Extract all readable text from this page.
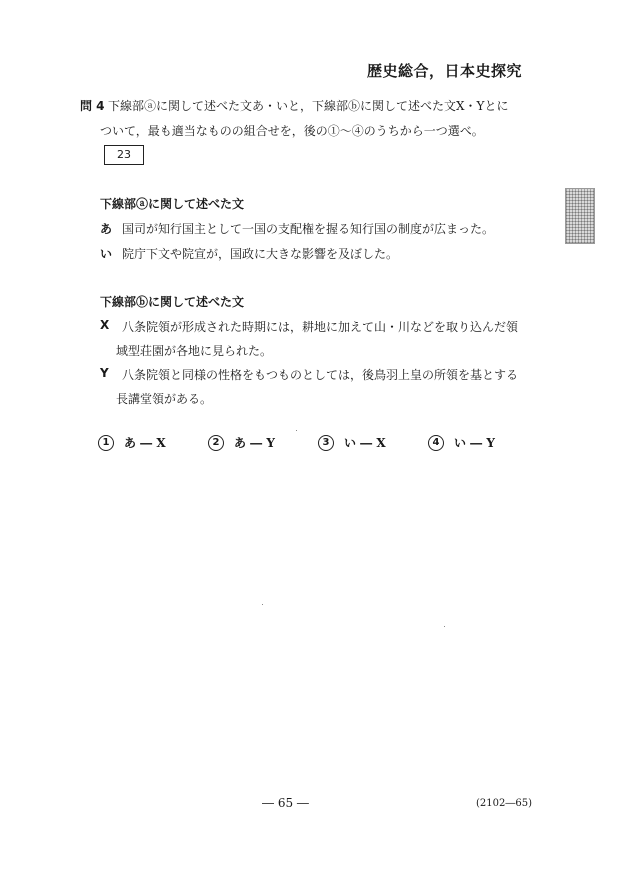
歴史総合，日本史探究
問 4 下線部ⓐに関して述べた文あ・いと，下線部ⓑに関して述べた文X・Yとに
ついて，最も適当なものの組合せを，後の①〜④のうちから一つ選べ。
23
下線部ⓐに関して述べた文
あ 国司が知行国主として一国の支配権を握る知行国の制度が広まった。
い 院庁下文や院宣が，国政に大きな影響を及ぼした。
下線部ⓑに関して述べた文
X 八条院領が形成された時期には，耕地に加えて山・川などを取り込んだ領
域型荘園が各地に見られた。
Y 八条院領と同様の性格をもつものとしては，後鳥羽上皇の所領を基とする
長講堂領がある。
1 あ ― X	2 あ ― Y	3 い ― X	4 い ― Y
― 65 ―	(2102―65)
